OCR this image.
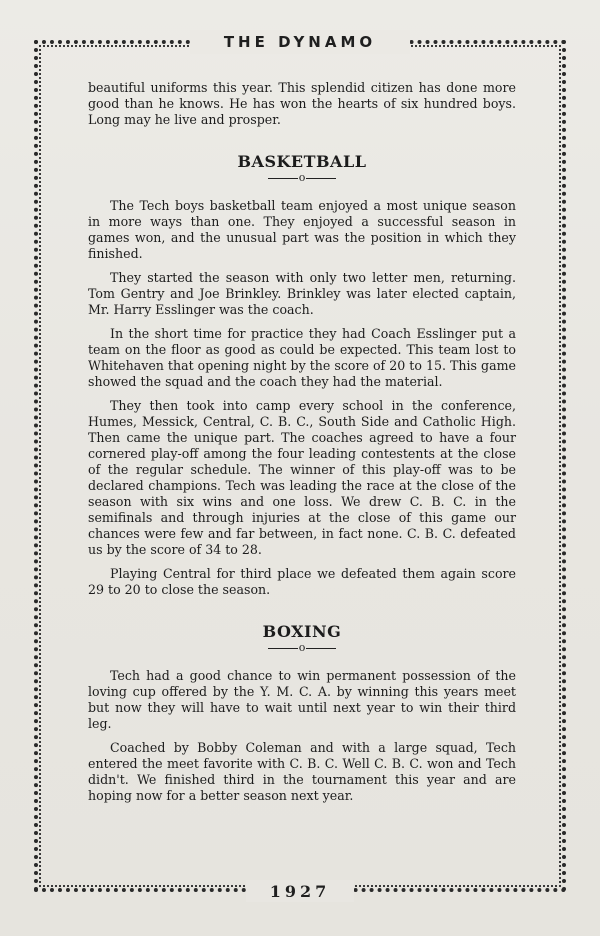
THE DYNAMO

beautiful uniforms this year. This splendid citizen has done more good than he knows. He has won the hearts of six hundred boys. Long may he live and prosper.

BASKETBALL
o

The Tech boys basketball team enjoyed a most unique season in more ways than one. They enjoyed a successful season in games won, and the unusual part was the position in which they finished.

They started the season with only two letter men, returning. Tom Gentry and Joe Brinkley. Brinkley was later elected captain, Mr. Harry Esslinger was the coach.

In the short time for practice they had Coach Esslinger put a team on the floor as good as could be expected. This team lost to Whitehaven that opening night by the score of 20 to 15. This game showed the squad and the coach they had the material.

They then took into camp every school in the conference, Humes, Messick, Central, C. B. C., South Side and Catholic High. Then came the unique part. The coaches agreed to have a four cornered play-off among the four leading contestents at the close of the regular schedule. The winner of this play-off was to be declared champions. Tech was leading the race at the close of the season with six wins and one loss. We drew C. B. C. in the semifinals and through injuries at the close of this game our chances were few and far between, in fact none. C. B. C. defeated us by the score of 34 to 28.

Playing Central for third place we defeated them again score 29 to 20 to close the season.

BOXING
o

Tech had a good chance to win permanent possession of the loving cup offered by the Y. M. C. A. by winning this years meet but now they will have to wait until next year to win their third leg.

Coached by Bobby Coleman and with a large squad, Tech entered the meet favorite with C. B. C. Well C. B. C. won and Tech didn't. We finished third in the tournament this year and are hoping now for a better season next year.

1927
